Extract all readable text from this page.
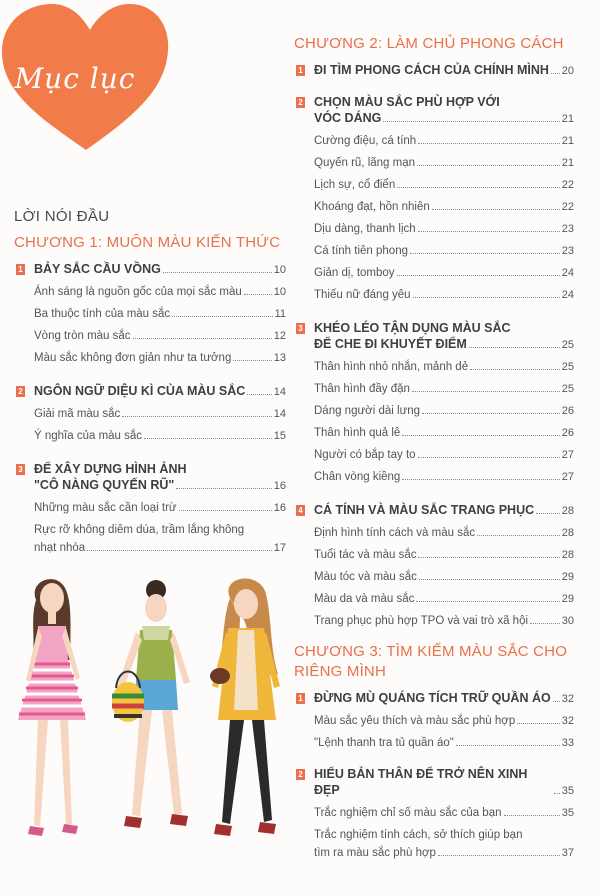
Mục lục
LỜI NÓI ĐẦU
CHƯƠNG 1: MUÔN MÀU KIẾN THỨC
1 BẢY SẮC CẦU VỒNG	10
Ánh sáng là nguồn gốc của mọi sắc màu	10
Ba thuộc tính của màu sắc	11
Vòng tròn màu sắc	12
Màu sắc không đơn giản như ta tưởng	13
2 NGÔN NGỮ DIỆU KÌ CỦA MÀU SẮC	14
Giải mã màu sắc	14
Ý nghĩa của màu sắc	15
3 ĐỂ XÂY DỰNG HÌNH ẢNH
"CÔ NÀNG QUYẾN RŨ"	16
Những màu sắc cần loại trừ	16
Rực rỡ không diêm dúa, trầm lắng không
nhạt nhòa	17
CHƯƠNG 2: LÀM CHỦ PHONG CÁCH
1 ĐI TÌM PHONG CÁCH CỦA CHÍNH MÌNH 20
2 CHỌN MÀU SẮC PHÙ HỢP VỚI
VÓC DÁNG	21
Cường điệu, cá tính	21
Quyến rũ, lãng mạn	21
Lịch sự, cổ điển	22
Khoáng đạt, hồn nhiên	22
Dịu dàng, thanh lịch	23
Cá tính tiên phong	23
Giản dị, tomboy	24
Thiếu nữ đáng yêu	24
3 KHÉO LÉO TẬN DỤNG MÀU SẮC
ĐỂ CHE ĐI KHUYẾT ĐIỂM	25
Thân hình nhỏ nhắn, mảnh dẻ	25
Thân hình đầy đặn	25
Dáng người dài lưng	26
Thân hình quả lê	26
Người có bắp tay to	27
Chân vòng kiềng	27
4 CÁ TÍNH VÀ MÀU SẮC TRANG PHỤC	28
Định hình tính cách và màu sắc	28
Tuổi tác và màu sắc	28
Màu tóc và màu sắc	29
Màu da và màu sắc	29
Trang phục phù hợp TPO và vai trò xã hội	30
CHƯƠNG 3: TÌM KIẾM MÀU SẮC CHO
RIÊNG MÌNH
1 ĐỪNG MÙ QUÁNG TÍCH TRỮ QUẦN ÁO 32
Màu sắc yêu thích và màu sắc phù hợp	32
"Lệnh thanh tra tủ quần áo"	33
2 HIỂU BẢN THÂN ĐỂ TRỞ NÊN XINH ĐẸP	35
Trắc nghiệm chỉ số màu sắc của bạn	35
Trắc nghiệm tính cách, sở thích giúp bạn
tìm ra màu sắc phù hợp	37
